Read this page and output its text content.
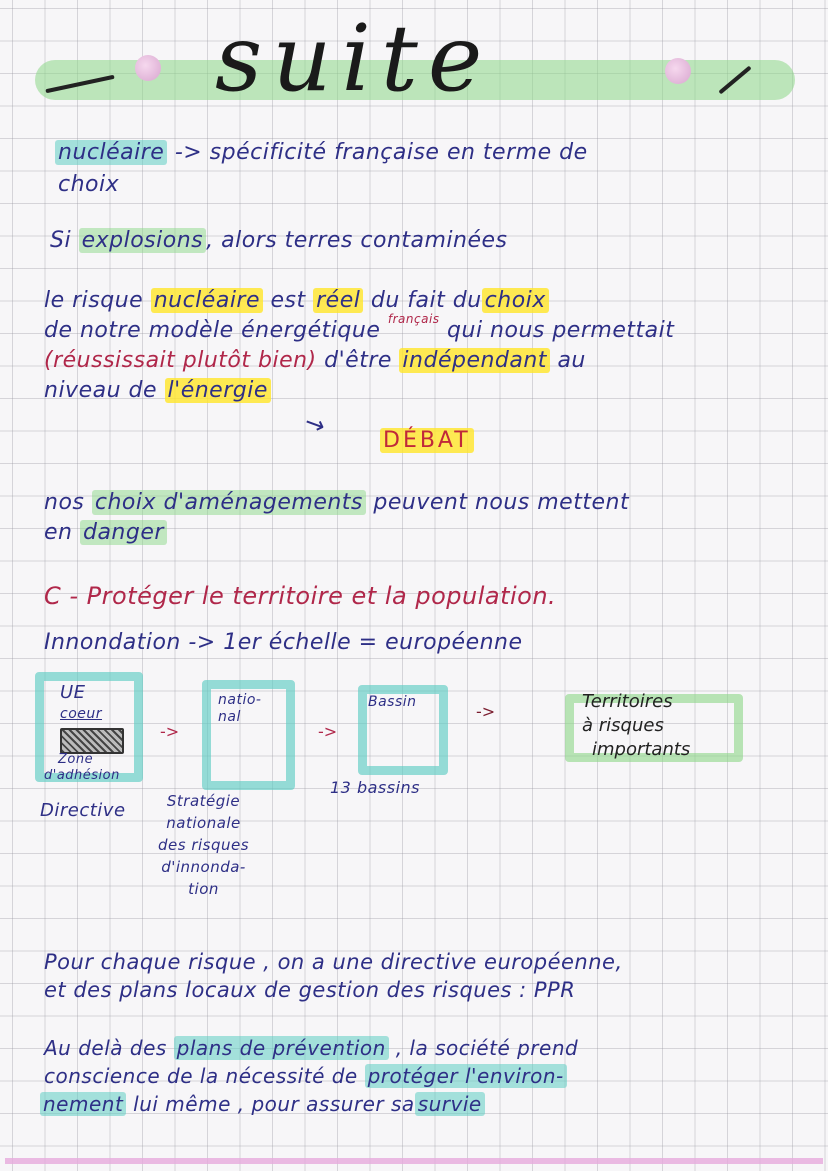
suite
nucléaire -> spécificité française en terme de
choix
Si explosions , alors terres contaminées
le risque nucléaire est réel du fait du choix
de notre modèle énergétique $^{français}$ qui nous permettait
(réussissait plutôt bien) d'être indépendant au
niveau de l'énergie
→ DÉBAT
nos choix d'aménagements peuvent nous mettent
en danger
C - Protéger le territoire et la population.
Innondation -> 1er échelle = européenne
UE
coeur
Zone
d'adhésion
Directive
->
natio-
nal
Stratégie
nationale
des risques
d'innonda-
tion
->
Bassin
13 bassins
->	Territoires
à risques
importants
Pour chaque risque , on a une directive européenne,
et des plans locaux de gestion des risques : PPR
Au delà des plans de prévention , la société prend
conscience de la nécessité de protéger l'environ-
nement lui même , pour assurer sa survie
